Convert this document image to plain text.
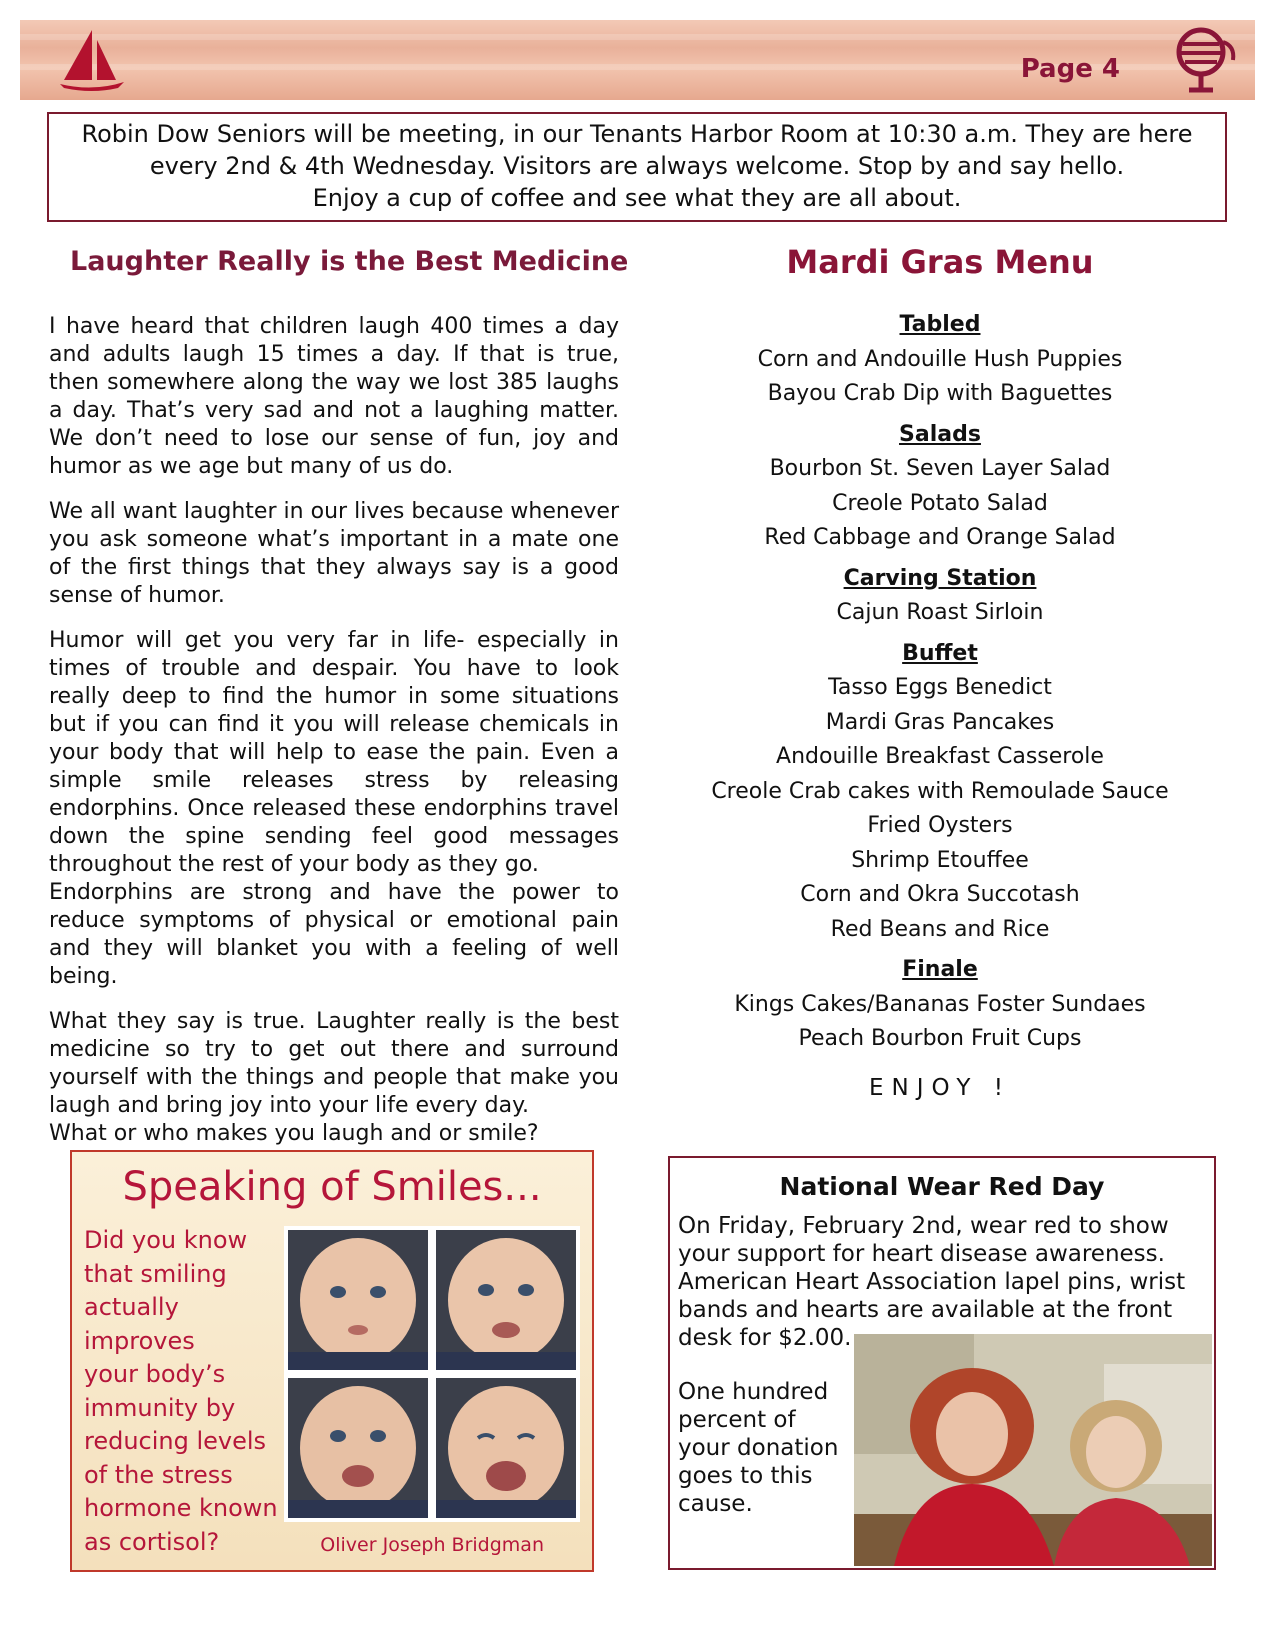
Page 4
Robin Dow Seniors will be meeting, in our Tenants Harbor Room at 10:30 a.m. They are here
every 2nd & 4th Wednesday. Visitors are always welcome. Stop by and say hello.
Enjoy a cup of coffee and see what they are all about.
Laughter Really is the Best Medicine

I have heard that children laugh 400 times a day and adults laugh 15 times a day. If that is true, then somewhere along the way we lost 385 laughs a day. That’s very sad and not a laughing matter. We don’t need to lose our sense of fun, joy and humor as we age but many of us do.

We all want laughter in our lives because whenever you ask someone what’s important in a mate one of the first things that they always say is a good sense of humor.

Humor will get you very far in life- especially in times of trouble and despair. You have to look really deep to find the humor in some situations but if you can find it you will release chemicals in your body that will help to ease the pain. Even a simple smile releases stress by releasing endorphins. Once released these endorphins travel down the spine sending feel good messages throughout the rest of your body as they go.

Endorphins are strong and have the power to reduce symptoms of physical or emotional pain and they will blanket you with a feeling of well being.

What they say is true. Laughter really is the best medicine so try to get out there and surround yourself with the things and people that make you laugh and bring joy into your life every day.

What or who makes you laugh and or smile?

Mardi Gras Menu
Tabled
Corn and Andouille Hush Puppies
Bayou Crab Dip with Baguettes
Salads
Bourbon St. Seven Layer Salad
Creole Potato Salad
Red Cabbage and Orange Salad
Carving Station
Cajun Roast Sirloin
Buffet
Tasso Eggs Benedict
Mardi Gras Pancakes
Andouille Breakfast Casserole
Creole Crab cakes with Remoulade Sauce
Fried Oysters
Shrimp Etouffee
Corn and Okra Succotash
Red Beans and Rice
Finale
Kings Cakes/Bananas Foster Sundaes
Peach Bourbon Fruit Cups
ENJOY !
Speaking of Smiles...
Did you know
that smiling
actually improves
your body’s
immunity by
reducing levels
of the stress
hormone known
as cortisol?	Oliver Joseph Bridgman
National Wear Red Day
On Friday, February 2nd, wear red to show your support for heart disease awareness. American Heart Association lapel pins, wrist bands and hearts are available at the front desk for $2.00.
One hundred percent of your donation goes to this cause.
